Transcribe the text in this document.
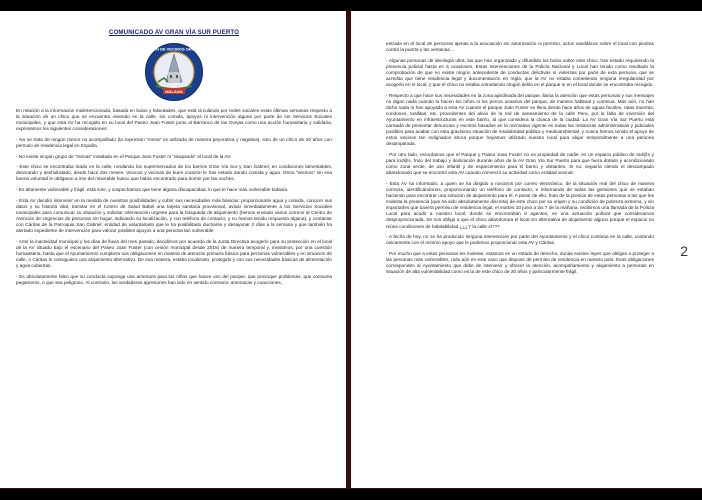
COMUNICADO AV GRAN VÍA SUR PUERTO
ASOCIACIÓN DE VECINOS GRAN VÍA SUR
MALAGA

En relación a la información malintencionada, basada en bulos y falsedades, que está circulando por redes sociales estas últimas semanas respecto a la situación de un chico que se encuentra viviendo en la calle, sin comida, apoyos ni intervención alguna por parte de los Servicios Sociales municipales, y que esta AV ha recogido en su local del Paseo Joan Fuster junto al Barranco de las Ovejas como una acción humanitaria y solidaria, expresamos los siguientes consideraciones:

- No se trata de ningún menor no acompañado (la expresión “mena” es utilizada de manera peyorativa y negativa), sino de un chico de 20 años con permiso de residencia legal en España.

- No existe ningún grupo de “menas” instalado en el Parque Joan Fuster ni “okupando” el local de la AV.

- Este chico se encontraba tirado en la calle, rondando los supermercados de los barrios Gran Vía Sur y San Gabriel, en condiciones lamentables, desnutrido y deshidratado, desde hace dos meses. Vecinos y vecinas de buen corazón le han estado dando comida y agua. Otros “vecinos” sin esa buena voluntad le obligaron a irse del miserable hueco que había encontrado para dormir por las noches.

- Es altamente vulnerable y frágil, está solo, y sospechamos que tiene alguna discapacidad, lo que le hace más vulnerable todavía.

- Esta AV decidió intervenir en la medida de nuestras posibilidades y cubrir sus necesidades más básicas: proporcionarle agua y comida, conocer sus datos y su historia vital, tramitar en el Centro de Salud Babel una tarjeta sanitaria provisional, avisar inmediatamente a los Servicios Sociales municipales para comunicar su situación y solicitar intervención urgente para la búsqueda de alojamiento (hemos enviado varios correos al Centro de Atención de Urgencias de personas sin hogar, indicando su localización, y con teléfono de contacto, y no hemos tenido respuesta alguna), y contactar con Cáritas de la Parroquia San Gabriel, entidad de voluntariado que le ha posibilitado ducharse y desayunar 2 días a la semana y que también ha alertado expediente de intervención para valorar posibles apoyos a una persona tan vulnerable.

- Ante la inactividad municipal y los días de lluvia del mes pasado, decidimos por acuerdo de la Junta Directiva acogerlo para su protección en el local de la AV situado bajo el escenario del Paseo Joan Fuster (con cesión municipal desde 2015) de manera temporal y, insistimos, por una cuestión humanitaria, hasta que el Ayuntamiento cumpliera sus obligaciones en materia de atención primaria básica para personas vulnerables y en situación de calle, o Cáritas le consiguiera una alojamiento alternativo. De esa manera, estaba localizado, protegido y con sus necesidades básicas de alimentación y agua cubiertas.

- Es absolutamente falso que su conducta suponga una amenaza para los niños que hacen uso del parque, que provoque problemas, que consuma pegamento, o que sea peligroso. Al contrario, las verdaderas agresiones han sido en sentido contrario: amenazas y coacciones,

entrada en el local de personas ajenas a la asociación sin autorización ni permiso, actos vandálicos sobre el local con piedras contra la puerta y las ventanas…

- Algunas personas de ideología ultra, las que han organizado y difundido los bulos sobre este chico, han estado requiriendo la presencia policial hasta en 5 ocasiones. Estas intervenciones de la Policía Nacional y Local han tenido como resultado la comprobación de que no existe ningún antecedente de conductas delictivas ni violentas por parte de esta persona, que se acredita que tiene residencia legal y documentación en regla, que la AV no estaba cometiendo ninguna irregularidad por acogerlo en el local, y que el chico no estaba cometiendo ningún delito en el parque ni en el local donde se encontraba recogido.

- Respecto a que hace sus necesidades en la zona ajardinada del parque, llama la atención que estas personas y sus mensajes no digan nada cuando lo hacen los niños ni los perros usuarios del parque, de manera habitual y continua. Más aún, no han dicho nada ni han apoyado a esta AV cuando el parque Joan Fuster se llena desde hace años de aguas fecales, ratas muertas, condones, toallitas, etc. procedentes del alivio de la red de saneamiento de la calle Pera, por la falta de inversión del Ayuntamiento en infraestructuras en este barrio, al que considera la cloaca de la ciudad. La AV Gran Vía Sur Puerto está cansada de presentar denuncias y escritos basados en la normativa vigente en todas las instancias administrativas y judiciales posibles para acabar con esta gravísima situación de insalubridad pública y medioambiental, y nunca hemos tenido el apoyo de estos vecinos tan indignados ahora porque hayamos utilizado nuestro local para alojar temporalmente a una persona desamparada.

- Por otro lado, recordamos que el Parque y Paseo Joan Fuster no es propiedad de nadie, es un espacio público de tod@s y para tod@s, fruto del trabajo y dedicación durante años de la AV Gran Vía Sur Puerto para que fuera dotado y acondicionado como zona verde, de uso infantil y de esparcimiento para el barrio y visitantes. Si no, seguiría siendo el descampado abandonado que se encontró esta AV cuando comenzó su actividad como entidad vecinal.

- Esta AV ha informado, a quien se ha dirigido a nosotros por correo electrónico, de la situación real del chico de manera correcta, identificándonos, proporcionando un teléfono de contacto, e informando de todas las gestiones que se estaban haciendo para encontrar una solución de alojamiento para él. A pesar de ello, fruto de la presión de estas personas a las que les molesta la presencia (que ha sido absolutamente discreta) de este chico por su origen y su condición de pobreza extrema, y sin importarles que tuviera permiso de residencia legal, el martes 10 junio a las 7 de la mañana, recibimos una llamada de la Policía Local para acudir a nuestro local, donde se encontraban 8 agentes, en una actuación policial que consideramos desproporcionada. Se nos obligó a que el chico abandonara el local sin alternativa de alojamiento alguno porque el espacio no reúne condiciones de habitabilidad ¿¿¿Y la calle sí???

- A fecha de hoy, no se ha producido ninguna intervención por parte del Ayuntamiento y el chico continúa en la calle, contando únicamente con el mínimo apoyo que le podemos proporcionar esta AV y Cáritas.

- Por mucho que a estas personas les moleste, estamos en un estado de derecho, donde existen leyes que obligan a proteger a las personas más vulnerables, más aún en este caso que dispone de permiso de residencia en nuestro país. Esas obligaciones corresponden al Ayuntamiento que debe de intervenir y ofrecer la atención, acompañamiento y alojamiento a personas en situación de alta vulnerabilidad como es la de este chico de 20 años y particularmente frágil.

2
